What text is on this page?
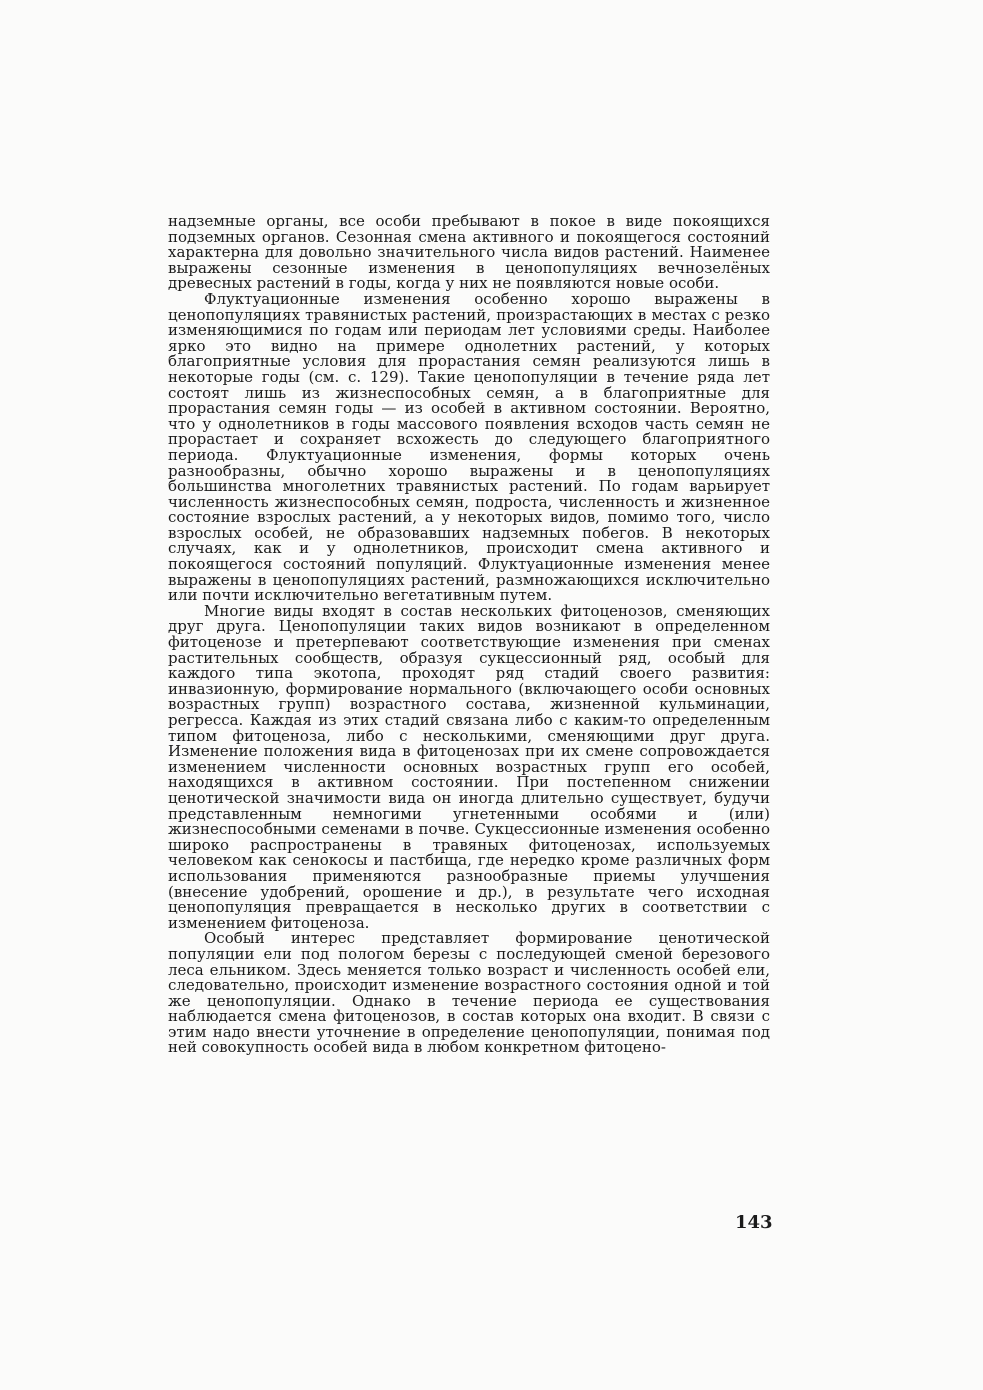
надземные органы, все особи пребывают в покое в виде покоящихся подземных органов. Сезонная смена активного и покоящегося состояний характерна для довольно значительного числа видов растений. Наименее выражены сезонные изменения в ценопопуляциях вечнозелёных древесных растений в годы, когда у них не появляются новые особи.

Флуктуационные изменения особенно хорошо выражены в ценопопуляциях травянистых растений, произрастающих в местах с резко изменяющимися по годам или периодам лет условиями среды. Наиболее ярко это видно на примере однолетних растений, у которых благоприятные условия для прорастания семян реализуются лишь в некоторые годы (см. с. 129). Такие ценопопуляции в течение ряда лет состоят лишь из жизнеспособных семян, а в благоприятные для прорастания семян годы — из особей в активном состоянии. Вероятно, что у однолетников в годы массового появления всходов часть семян не прорастает и сохраняет всхожесть до следующего благоприятного периода. Флуктуационные изменения, формы которых очень разнообразны, обычно хорошо выражены и в ценопопуляциях большинства многолетних травянистых растений. По годам варьирует численность жизнеспособных семян, подроста, численность и жизненное состояние взрослых растений, а у некоторых видов, помимо того, число взрослых особей, не образовавших надземных побегов. В некоторых случаях, как и у однолетников, происходит смена активного и покоящегося состояний популяций. Флуктуационные изменения менее выражены в ценопопуляциях растений, размножающихся исключительно или почти исключительно вегетативным путем.

Многие виды входят в состав нескольких фитоценозов, сменяющих друг друга. Ценопопуляции таких видов возникают в определенном фитоценозе и претерпевают соответствующие изменения при сменах растительных сообществ, образуя сукцессионный ряд, особый для каждого типа экотопа, проходят ряд стадий своего развития: инвазионную, формирование нормального (включающего особи основных возрастных групп) возрастного состава, жизненной кульминации, регресса. Каждая из этих стадий связана либо с каким-то определенным типом фитоценоза, либо с несколькими, сменяющими друг друга. Изменение положения вида в фитоценозах при их смене сопровождается изменением численности основных возрастных групп его особей, находящихся в активном состоянии. При постепенном снижении ценотической значимости вида он иногда длительно существует, будучи представленным немногими угнетенными особями и (или) жизнеспособными семенами в почве. Сукцессионные изменения особенно широко распространены в травяных фитоценозах, используемых человеком как сенокосы и пастбища, где нередко кроме различных форм использования применяются разнообразные приемы улучшения (внесение удобрений, орошение и др.), в результате чего исходная ценопопуляция превращается в несколько других в соответствии с изменением фитоценоза.

Особый интерес представляет формирование ценотической популяции ели под пологом березы с последующей сменой березового леса ельником. Здесь меняется только возраст и численность особей ели, следовательно, происходит изменение возрастного состояния одной и той же ценопопуляции. Однако в течение периода ее существования наблюдается смена фитоценозов, в состав которых она входит. В связи с этим надо внести уточнение в определение ценопопуляции, понимая под ней совокупность особей вида в любом конкретном фитоцено-

143
